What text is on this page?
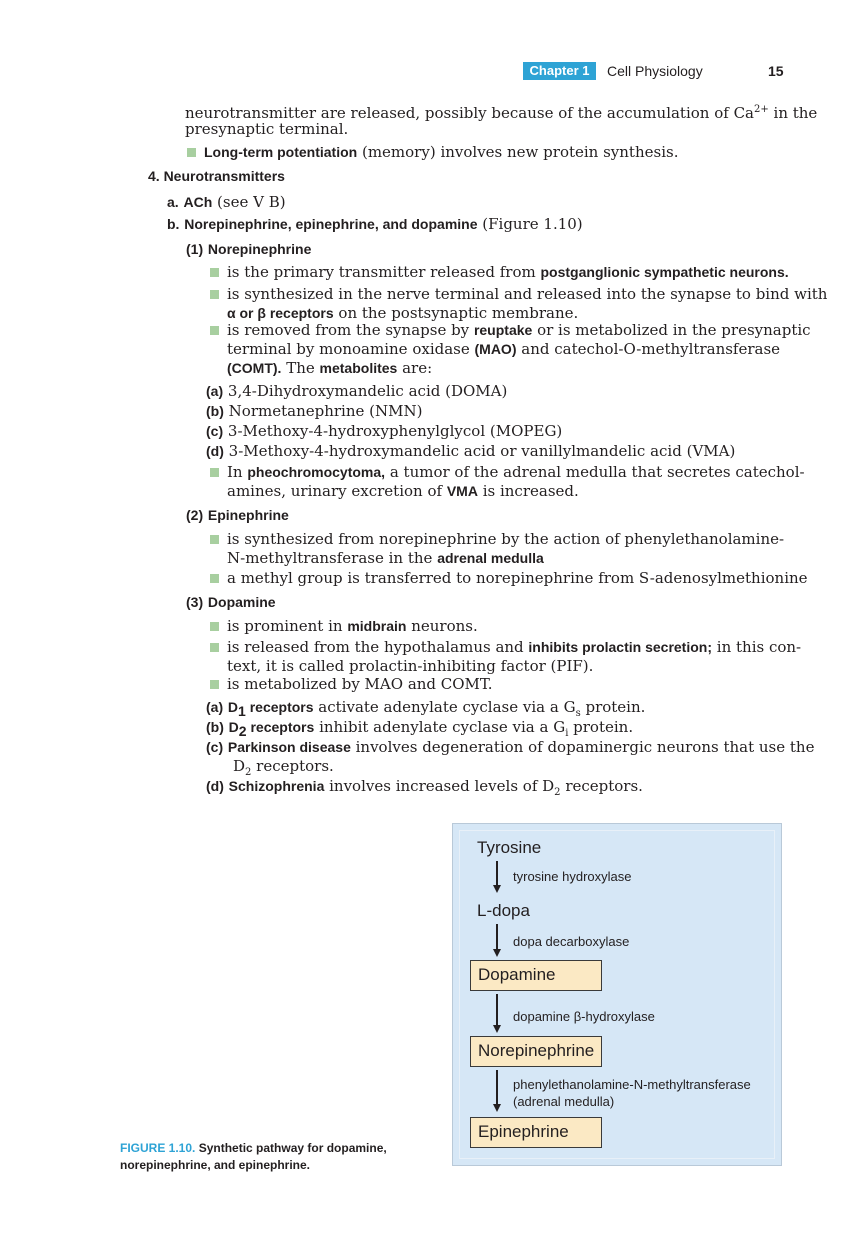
Chapter 1	Cell Physiology	15
neurotransmitter are released, possibly because of the accumulation of $Ca^{2+}$ in the
presynaptic terminal.
Long-term potentiation (memory) involves new protein synthesis.
4. Neurotransmitters
a. ACh (see V B)
b. Norepinephrine, epinephrine, and dopamine (Figure 1.10)
(1) Norepinephrine
is the primary transmitter released from postganglionic sympathetic neurons.
is synthesized in the nerve terminal and released into the synapse to bind with
α or β receptors on the postsynaptic membrane.
is removed from the synapse by reuptake or is metabolized in the presynaptic
terminal by monoamine oxidase (MAO) and catechol-O-methyltransferase
(COMT). The metabolites are:
(a) 3,4-Dihydroxymandelic acid (DOMA)
(b) Normetanephrine (NMN)
(c) 3-Methoxy-4-hydroxyphenylglycol (MOPEG)
(d) 3-Methoxy-4-hydroxymandelic acid or vanillylmandelic acid (VMA)
In pheochromocytoma, a tumor of the adrenal medulla that secretes catechol-
amines, urinary excretion of VMA is increased.
(2) Epinephrine
is synthesized from norepinephrine by the action of phenylethanolamine-
N-methyltransferase in the adrenal medulla
a methyl group is transferred to norepinephrine from S-adenosylmethionine
(3) Dopamine
is prominent in midbrain neurons.
is released from the hypothalamus and inhibits prolactin secretion; in this con-
text, it is called prolactin-inhibiting factor (PIF).
is metabolized by MAO and COMT.
(a) $D_1$ receptors activate adenylate cyclase via a $G_s$ protein.
(b) $D_2$ receptors inhibit adenylate cyclase via a $G_i$ protein.
(c) Parkinson disease involves degeneration of dopaminergic neurons that use the
$D_2$ receptors.
(d) Schizophrenia involves increased levels of $D_2$ receptors.
Tyrosine
tyrosine hydroxylase
L-dopa
dopa decarboxylase
Dopamine
dopamine β-hydroxylase
Norepinephrine
phenylethanolamine-N-methyltransferase
(adrenal medulla)
Epinephrine
FIGURE 1.10. Synthetic pathway for dopamine, norepinephrine, and epinephrine.
